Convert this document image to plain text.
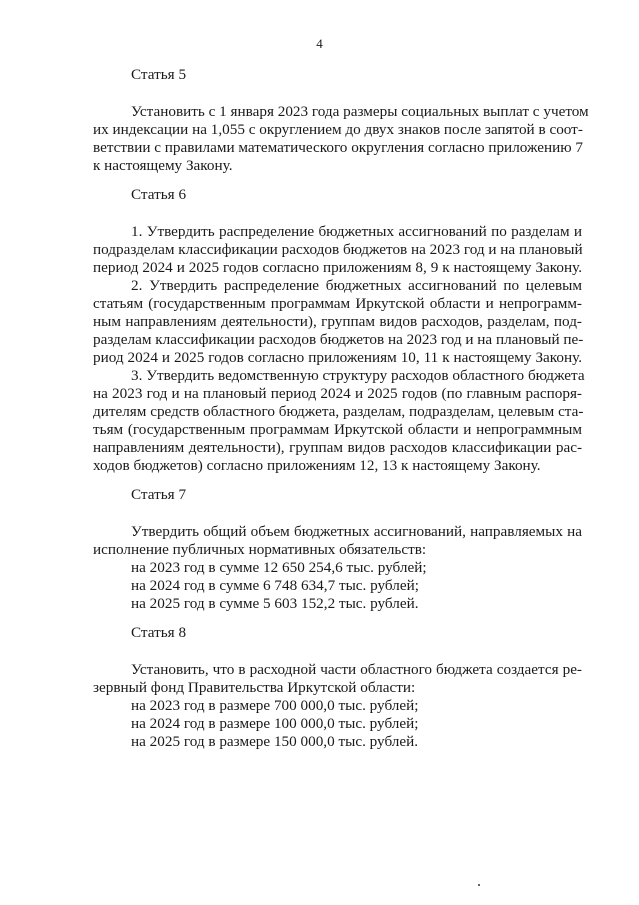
4
Статья 5
Установить с 1 января 2023 года размеры социальных выплат с учетом
их индексации на 1,055 с округлением до двух знаков после запятой в соот-
ветствии с правилами математического округления согласно приложению 7
к настоящему Закону.
Статья 6
1. Утвердить распределение бюджетных ассигнований по разделам и
подразделам классификации расходов бюджетов на 2023 год и на плановый
период 2024 и 2025 годов согласно приложениям 8, 9 к настоящему Закону.
2. Утвердить распределение бюджетных ассигнований по целевым
статьям (государственным программам Иркутской области и непрограмм-
ным направлениям деятельности), группам видов расходов, разделам, под-
разделам классификации расходов бюджетов на 2023 год и на плановый пе-
риод 2024 и 2025 годов согласно приложениям 10, 11 к настоящему Закону.
3. Утвердить ведомственную структуру расходов областного бюджета
на 2023 год и на плановый период 2024 и 2025 годов (по главным распоря-
дителям средств областного бюджета, разделам, подразделам, целевым ста-
тьям (государственным программам Иркутской области и непрограммным
направлениям деятельности), группам видов расходов классификации рас-
ходов бюджетов) согласно приложениям 12, 13 к настоящему Закону.
Статья 7
Утвердить общий объем бюджетных ассигнований, направляемых на
исполнение публичных нормативных обязательств:
на 2023 год в сумме 12 650 254,6 тыс. рублей;
на 2024 год в сумме 6 748 634,7 тыс. рублей;
на 2025 год в сумме 5 603 152,2 тыс. рублей.
Статья 8
Установить, что в расходной части областного бюджета создается ре-
зервный фонд Правительства Иркутской области:
на 2023 год в размере 700 000,0 тыс. рублей;
на 2024 год в размере 100 000,0 тыс. рублей;
на 2025 год в размере 150 000,0 тыс. рублей.
